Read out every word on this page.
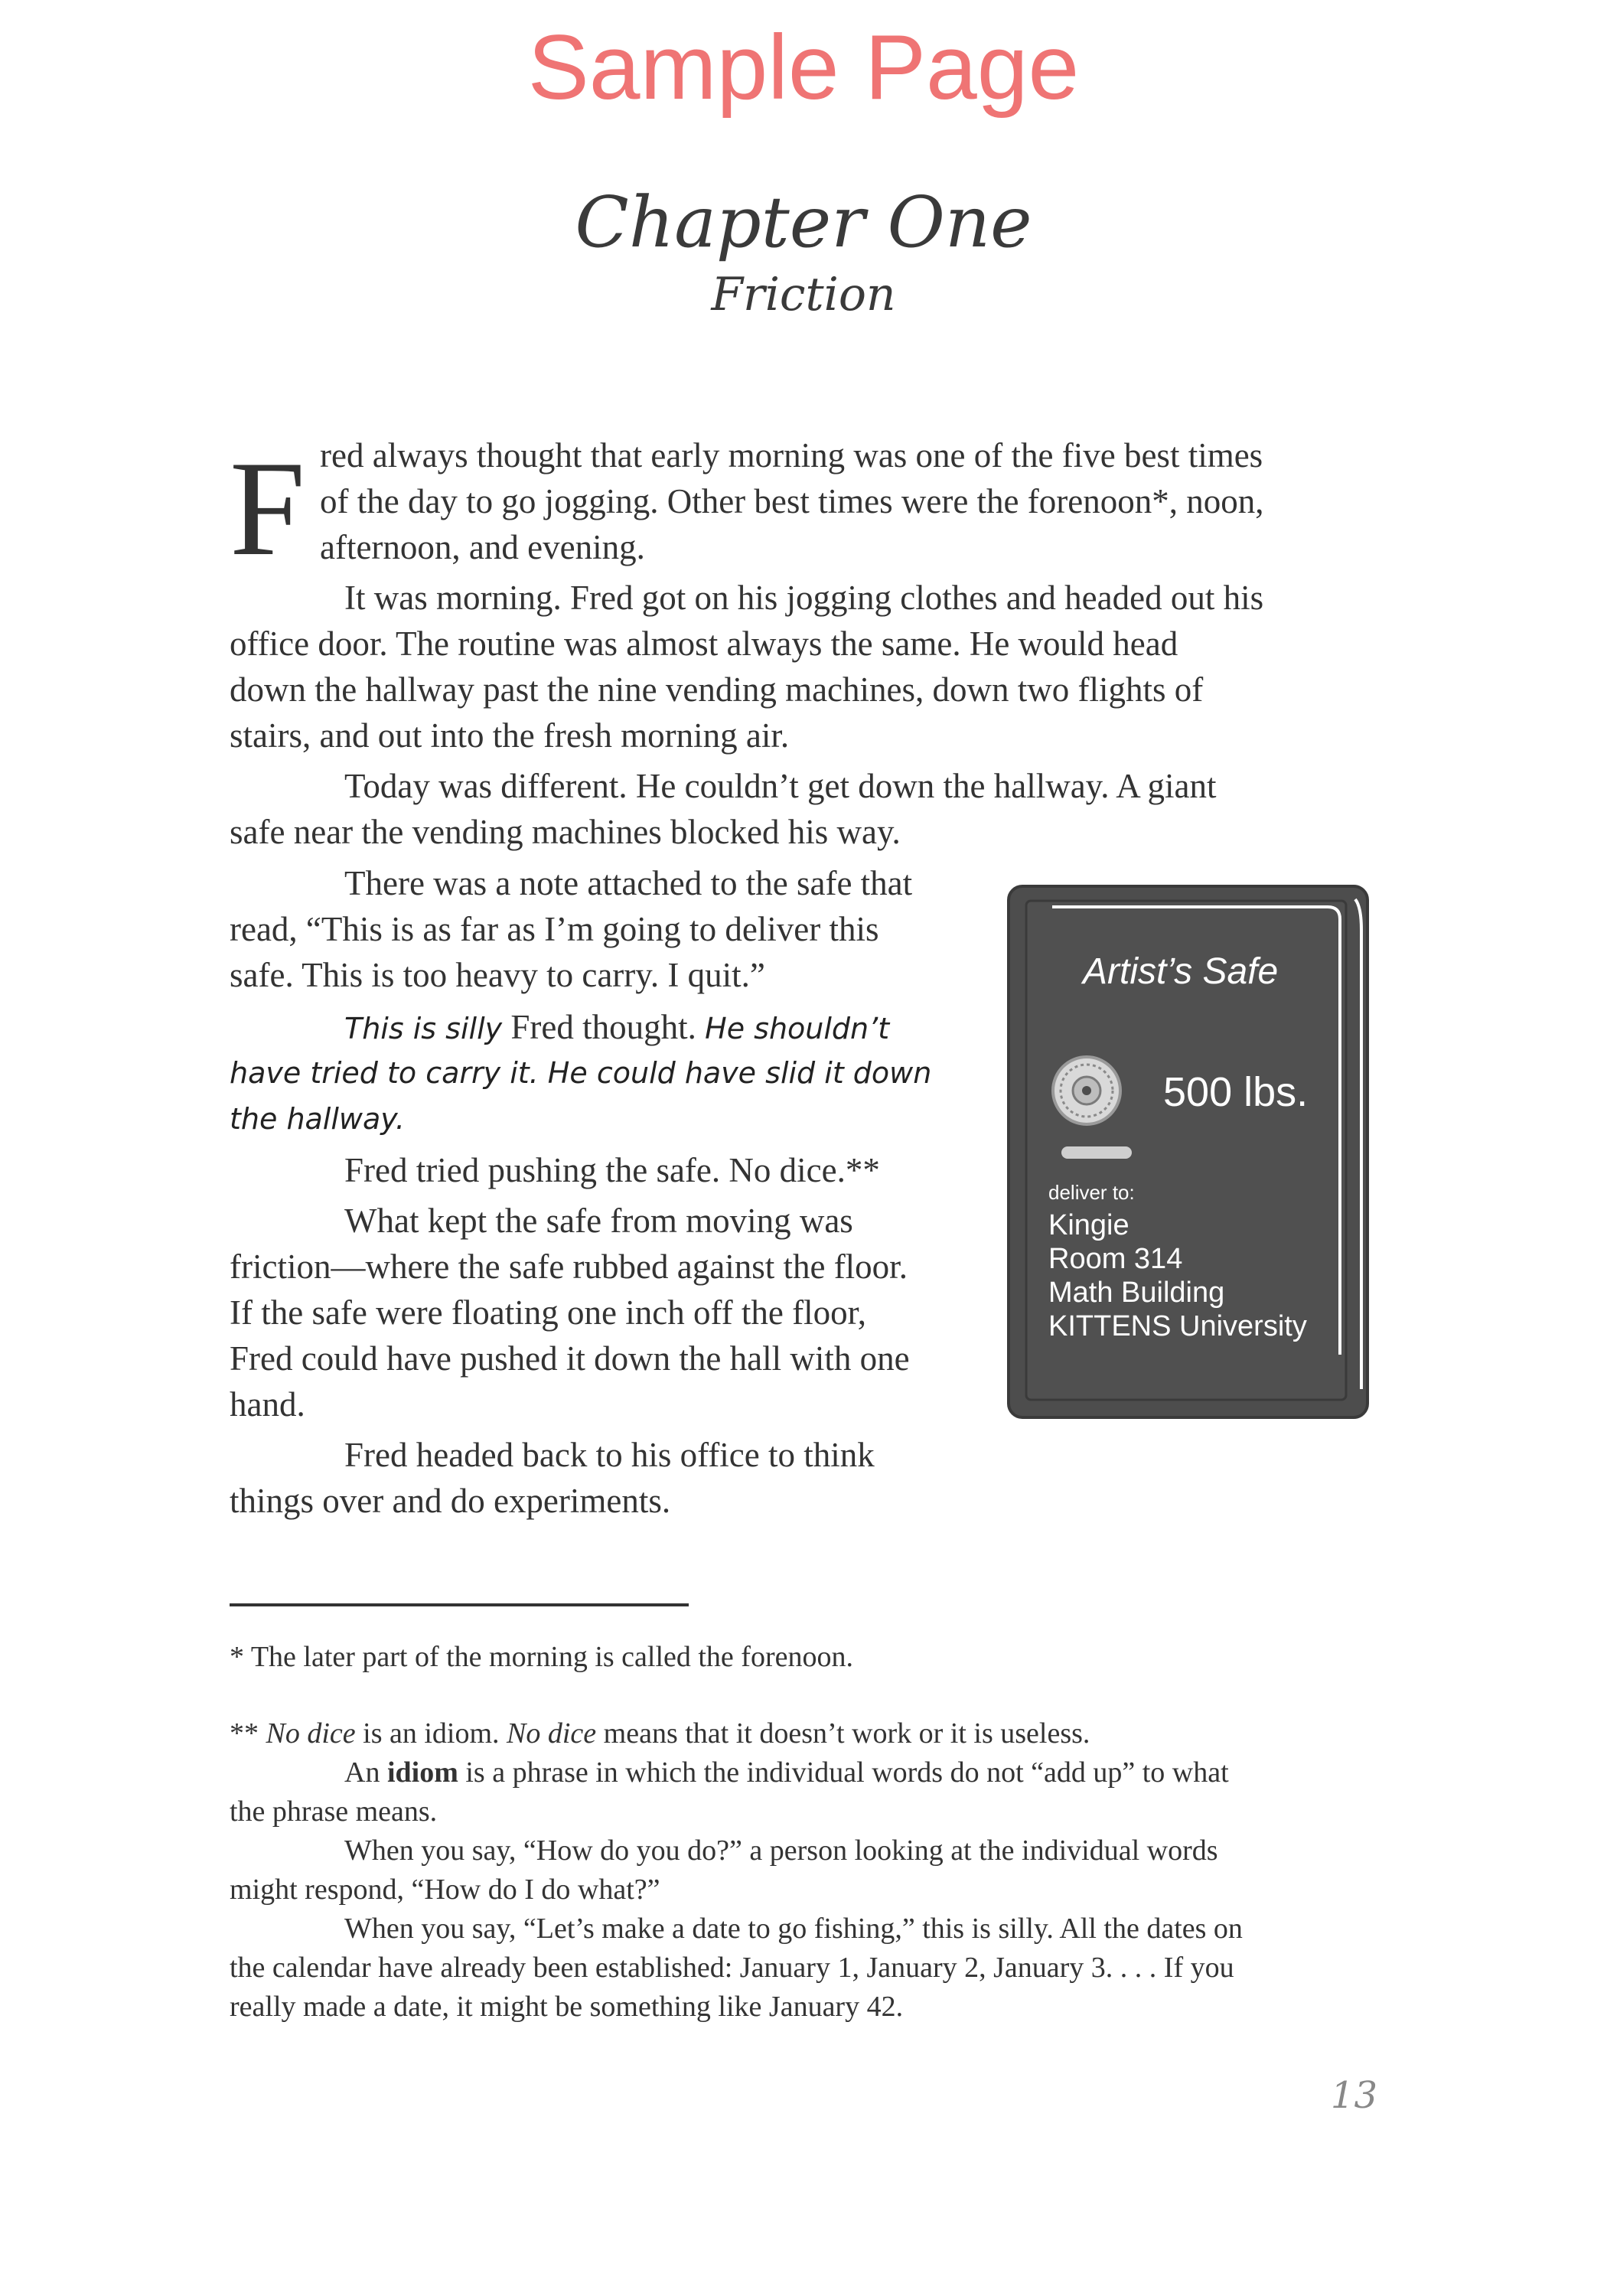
Sample Page
Chapter One
Friction
F red always thought that early morning was one of the five best times
of the day to go jogging. Other best times were the forenoon*, noon,
afternoon, and evening.
It was morning. Fred got on his jogging clothes and headed out his
office door. The routine was almost always the same. He would head
down the hallway past the nine vending machines, down two flights of
stairs, and out into the fresh morning air.
Today was different. He couldn’t get down the hallway. A giant
safe near the vending machines blocked his way.
There was a note attached to the safe that
read, “This is as far as I’m going to deliver this
safe. This is too heavy to carry. I quit.”
This is silly Fred thought. He shouldn’t
have tried to carry it. He could have slid it down
the hallway.
Fred tried pushing the safe. No dice.**
What kept the safe from moving was
friction—where the safe rubbed against the floor.
If the safe were floating one inch off the floor,
Fred could have pushed it down the hall with one
hand.
Fred headed back to his office to think
things over and do experiments.
Artist’s Safe
500 lbs.
deliver to:
Kingie
Room 314
Math Building
KITTENS University
* The later part of the morning is called the forenoon.
** No dice is an idiom. No dice means that it doesn’t work or it is useless.
An idiom is a phrase in which the individual words do not “add up” to what
the phrase means.
When you say, “How do you do?” a person looking at the individual words
might respond, “How do I do what?”
When you say, “Let’s make a date to go fishing,” this is silly. All the dates on
the calendar have already been established: January 1, January 2, January 3. . . . If you
really made a date, it might be something like January 42.
13
